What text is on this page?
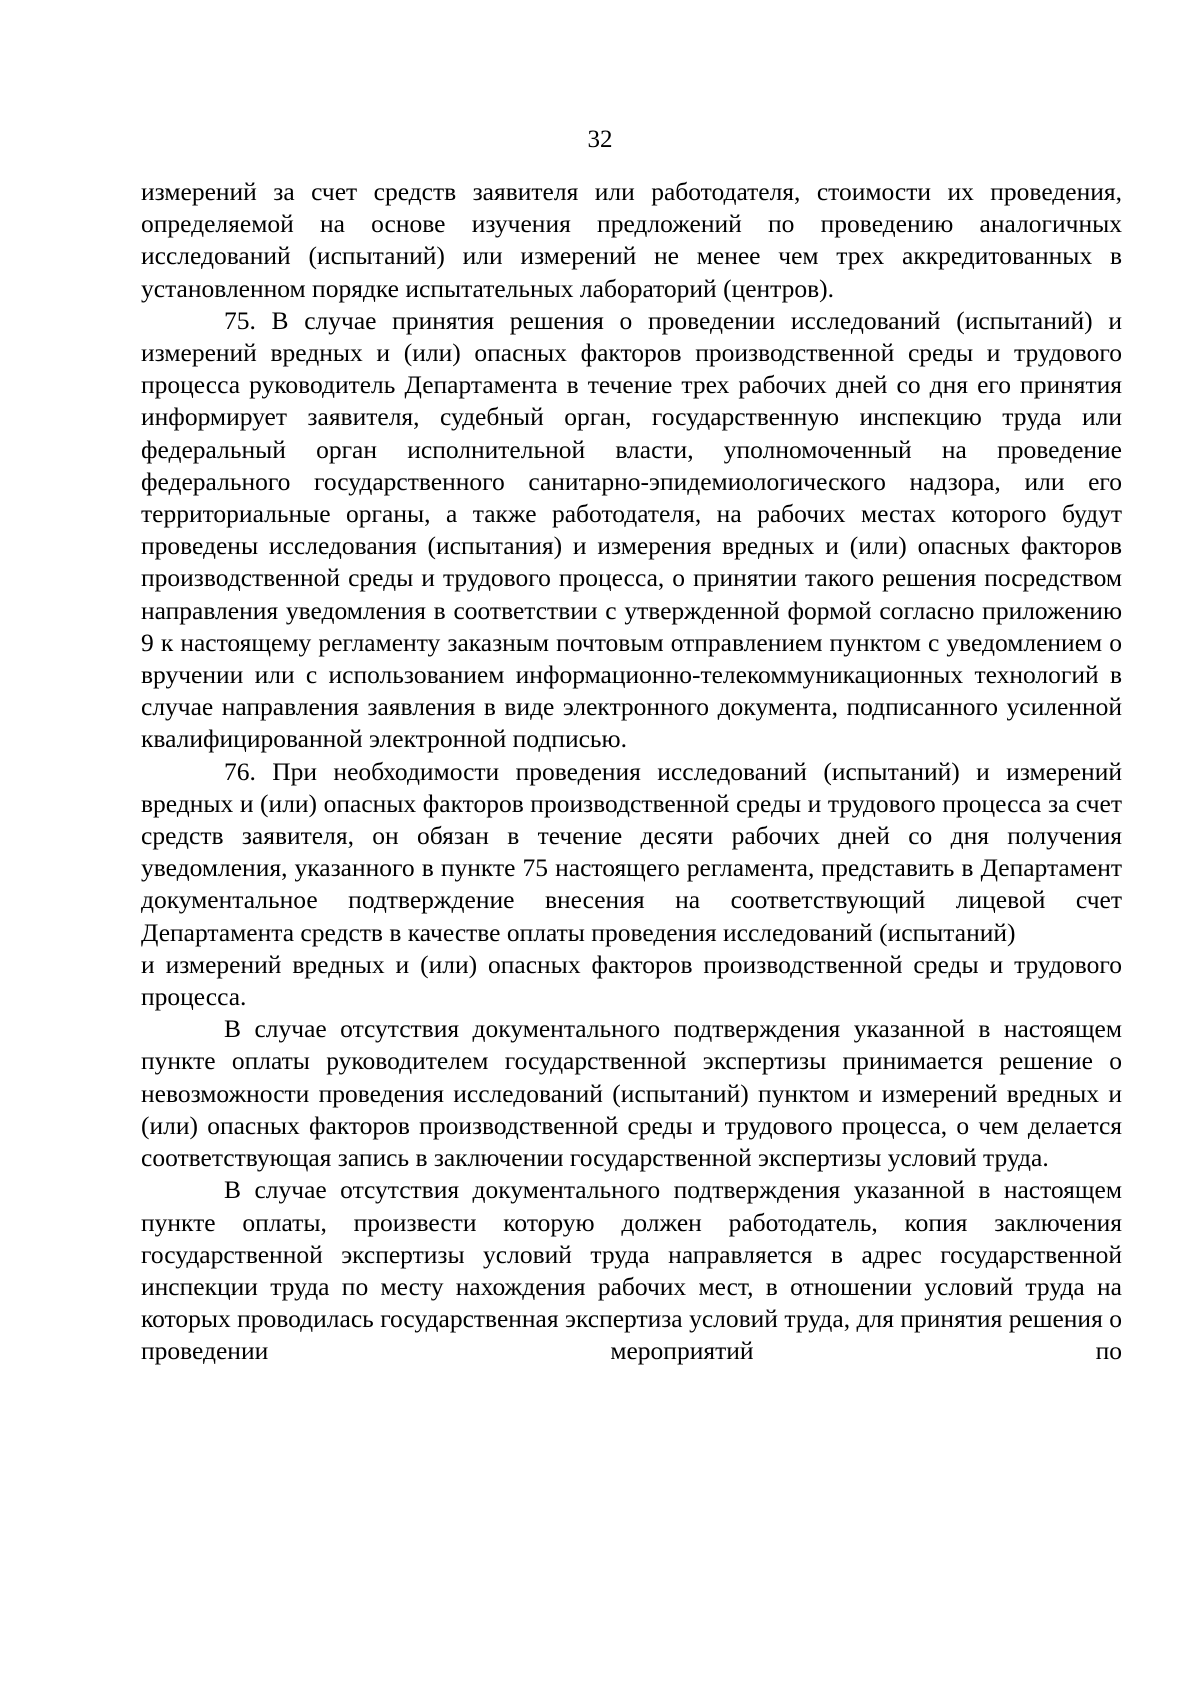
32

измерений за счет средств заявителя или работодателя, стоимости их проведения, определяемой на основе изучения предложений по проведению аналогичных исследований (испытаний) или измерений не менее чем трех аккредитованных в установленном порядке испытательных лабораторий (центров).

75. В случае принятия решения о проведении исследований (испытаний) и измерений вредных и (или) опасных факторов производственной среды и трудового процесса руководитель Департамента в течение трех рабочих дней со дня его принятия информирует заявителя, судебный орган, государственную инспекцию труда или федеральный орган исполнительной власти, уполномоченный на проведение федерального государственного санитарно-эпидемиологического надзора, или его территориальные органы, а также работодателя, на рабочих местах которого будут проведены исследования (испытания) и измерения вредных и (или) опасных факторов производственной среды и трудового процесса, о принятии такого решения посредством направления уведомления в соответствии с утвержденной формой согласно приложению 9 к настоящему регламенту заказным почтовым отправлением пунктом с уведомлением о вручении или с использованием информационно-телекоммуникационных технологий в случае направления заявления в виде электронного документа, подписанного усиленной квалифицированной электронной подписью.

76. При необходимости проведения исследований (испытаний) и измерений вредных и (или) опасных факторов производственной среды и трудового процесса за счет средств заявителя, он обязан в течение десяти рабочих дней со дня получения уведомления, указанного в пункте 75 настоящего регламента, представить в Департамент документальное подтверждение внесения на соответствующий лицевой счет Департамента средств в качестве оплаты проведения исследований (испытаний)

и измерений вредных и (или) опасных факторов производственной среды и трудового процесса.

В случае отсутствия документального подтверждения указанной в настоящем пункте оплаты руководителем государственной экспертизы принимается решение о невозможности проведения исследований (испытаний) пунктом и измерений вредных и (или) опасных факторов производственной среды и трудового процесса, о чем делается соответствующая запись в заключении государственной экспертизы условий труда.

В случае отсутствия документального подтверждения указанной в настоящем пункте оплаты, произвести которую должен работодатель, копия заключения государственной экспертизы условий труда направляется в адрес государственной инспекции труда по месту нахождения рабочих мест, в отношении условий труда на которых проводилась государственная экспертиза условий труда, для принятия решения о проведении мероприятий по
